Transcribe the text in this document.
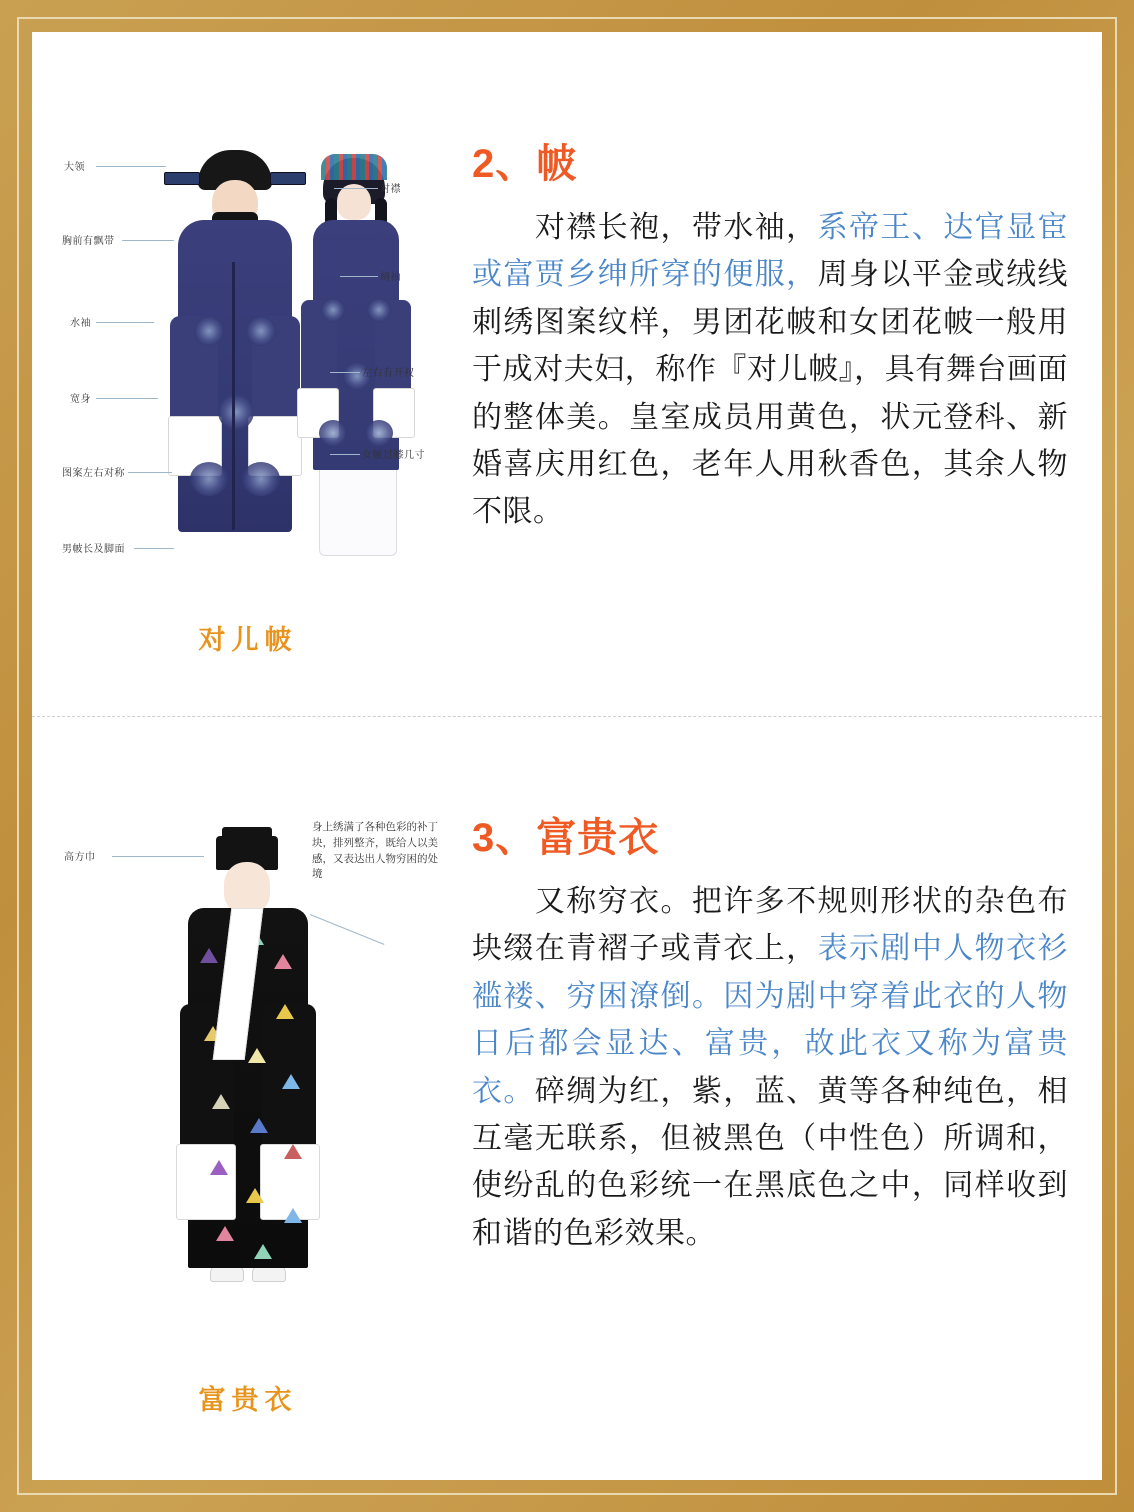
大领
胸前有飘带
水袖
宽身
图案左右对称
男帔长及脚面
对襟
阔袖
左右有开衩
女帔过膝几寸
对儿帔
2、帔

　　对襟长袍，带水袖，系帝王、达官显宦或富贾乡绅所穿的便服，周身以平金或绒线刺绣图案纹样，男团花帔和女团花帔一般用于成对夫妇，称作『对儿帔』，具有舞台画面的整体美。皇室成员用黄色，状元登科、新婚喜庆用红色，老年人用秋香色，其余人物不限。

身上绣满了各种色彩的补丁块，排列整齐，既给人以美感，又表达出人物穷困的处境
高方巾
富贵衣
3、富贵衣

　　又称穷衣。把许多不规则形状的杂色布块缀在青褶子或青衣上，表示剧中人物衣衫褴褛、穷困潦倒。因为剧中穿着此衣的人物日后都会显达、富贵，故此衣又称为富贵衣。碎绸为红，紫，蓝、黄等各种纯色，相互毫无联系，但被黑色（中性色）所调和，使纷乱的色彩统一在黑底色之中，同样收到和谐的色彩效果。
